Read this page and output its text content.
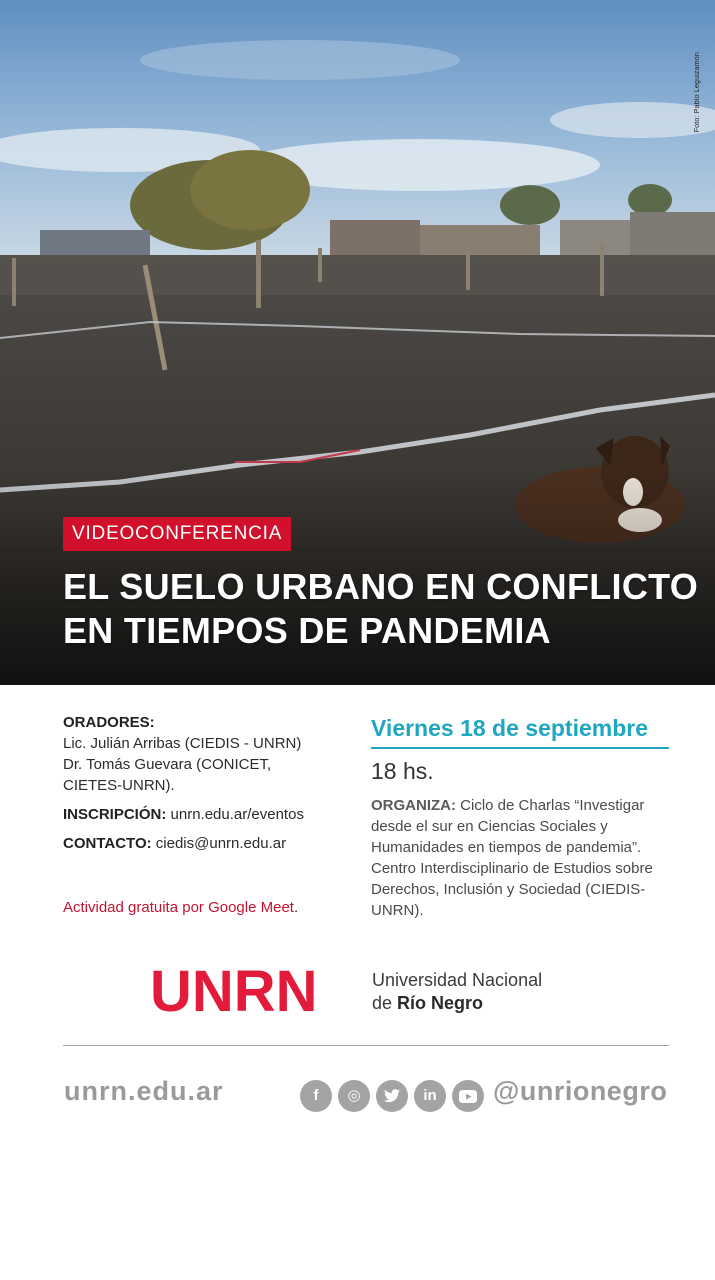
Foto: Pablo Leguizamón
VIDEOCONFERENCIA
EL SUELO URBANO EN CONFLICTO
EN TIEMPOS DE PANDEMIA
ORADORES:
Lic. Julián Arribas (CIEDIS - UNRN)
Dr. Tomás Guevara (CONICET,
CIETES-UNRN).
INSCRIPCIÓN: unrn.edu.ar/eventos
CONTACTO: ciedis@unrn.edu.ar
Actividad gratuita por Google Meet.
Viernes 18 de septiembre
18 hs.
ORGANIZA: Ciclo de Charlas “Investigar desde el sur en Ciencias Sociales y Humanidades en tiempos de pandemia”. Centro Interdisciplinario de Estudios sobre Derechos, Inclusión y Sociedad (CIEDIS-UNRN).
UNRN	Universidad Nacional
de Río Negro
unrn.edu.ar	f	◎	in	@unrionegro
